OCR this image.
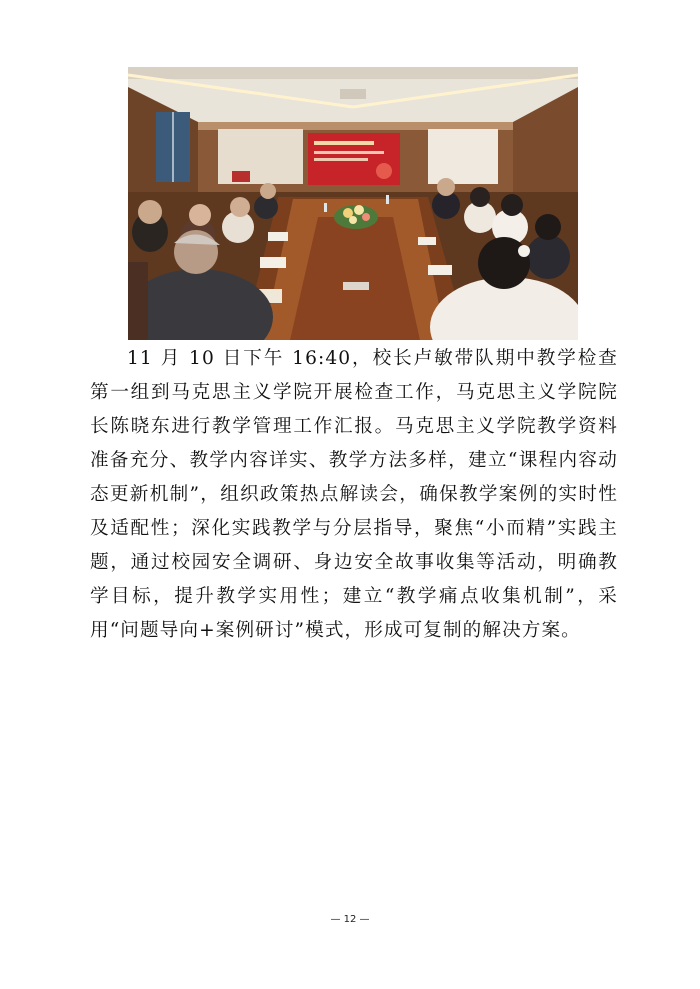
11 月 10 日下午 16:40，校长卢敏带队期中教学检查第一组到马克思主义学院开展检查工作，马克思主义学院院长陈晓东进行教学管理工作汇报。马克思主义学院教学资料准备充分、教学内容详实、教学方法多样，建立“课程内容动态更新机制”，组织政策热点解读会，确保教学案例的实时性及适配性；深化实践教学与分层指导，聚焦“小而精”实践主题，通过校园安全调研、身边安全故事收集等活动，明确教学目标，提升教学实用性；建立“教学痛点收集机制”，采用“问题导向+案例研讨”模式，形成可复制的解决方案。

— 12 —
